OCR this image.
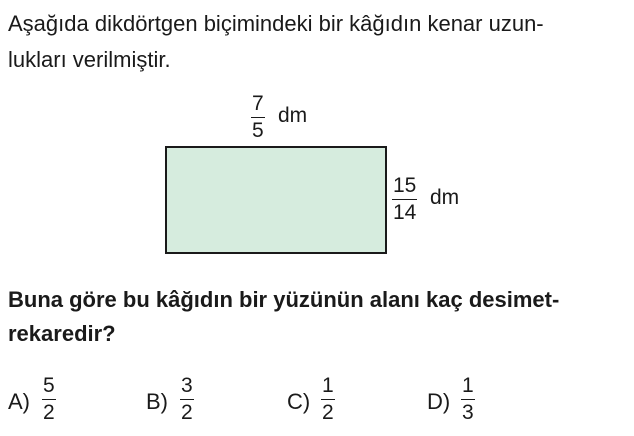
Aşağıda dikdörtgen biçimindeki bir kâğıdın kenar uzun-
lukları verilmiştir.

7
5
dm
15
14
dm

Buna göre bu kâğıdın bir yüzünün alanı kaç desimet-
rekaredir?

A)
5
2	B)
3
2	C)
1
2	D)
1
3
